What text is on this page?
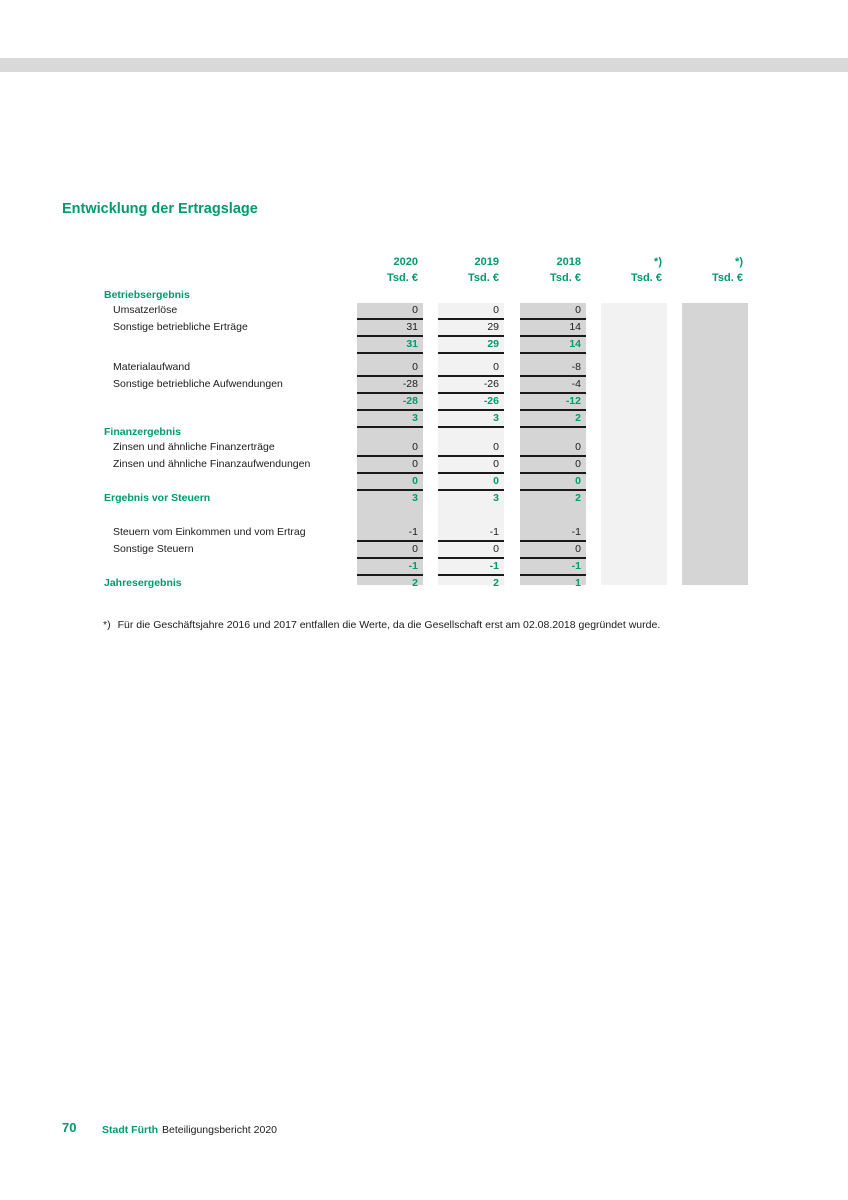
Entwicklung der Ertragslage
2020	2019	2018	*)	*)
Tsd. €	Tsd. €	Tsd. €	Tsd. €	Tsd. €
Betriebsergebnis
Umsatzerlöse	0	0	0
Sonstige betriebliche Erträge	31	29	14
31	29	14
Materialaufwand	0	0	-8
Sonstige betriebliche Aufwendungen	-28	-26	-4
-28	-26	-12
3	3	2
Finanzergebnis
Zinsen und ähnliche Finanzerträge	0	0	0
Zinsen und ähnliche Finanzaufwendungen	0	0	0
0	0	0
Ergebnis vor Steuern	3	3	2
Steuern vom Einkommen und vom Ertrag	-1	-1	-1
Sonstige Steuern	0	0	0
-1	-1	-1
Jahresergebnis	2	2	1
*) Für die Geschäftsjahre 2016 und 2017 entfallen die Werte, da die Gesellschaft erst am 02.08.2018 gegründet wurde.
70 Stadt Fürth Beteiligungsbericht 2020
